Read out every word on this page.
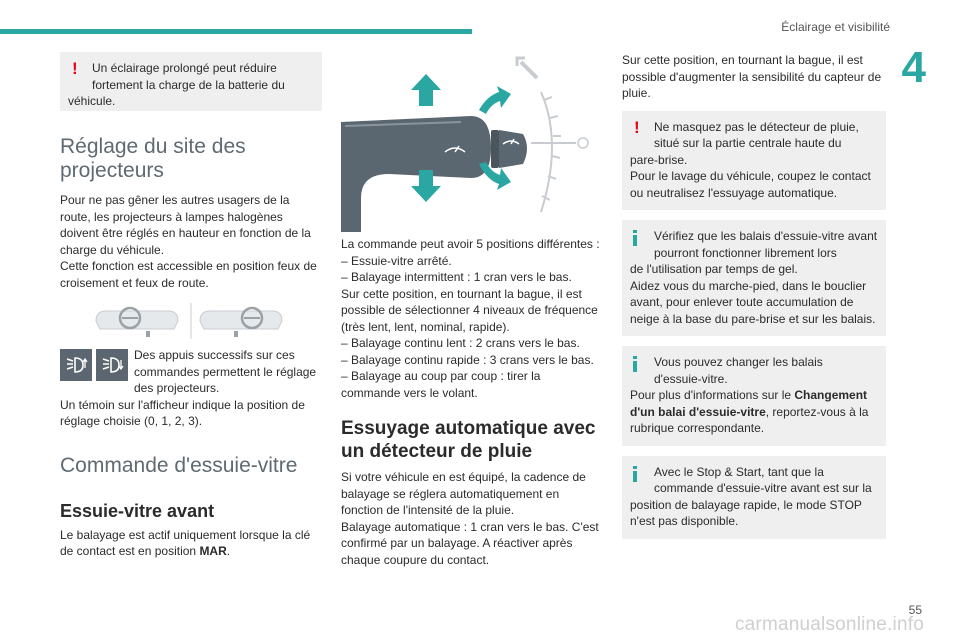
Éclairage et visibilité
4
!	Un éclairage prolongé peut réduire fortement la charge de la batterie du
véhicule.
Réglage du site des projecteurs

Pour ne pas gêner les autres usagers de la route, les projecteurs à lampes halogènes doivent être réglés en hauteur en fonction de la charge du véhicule.

Cette fonction est accessible en position feux de croisement et feux de route.

Des appuis successifs sur ces commandes permettent le réglage des projecteurs.

Un témoin sur l'afficheur indique la position de réglage choisie (0, 1, 2, 3).

Commande d'essuie-vitre
Essuie-vitre avant

Le balayage est actif uniquement lorsque la clé de contact est en position MAR.

La commande peut avoir 5 positions différentes :

– Essuie-vitre arrêté.

– Balayage intermittent : 1 cran vers le bas.

Sur cette position, en tournant la bague, il est possible de sélectionner 4 niveaux de fréquence (très lent, lent, nominal, rapide).

– Balayage continu lent : 2 crans vers le bas.

– Balayage continu rapide : 3 crans vers le bas.

– Balayage au coup par coup : tirer la commande vers le volant.

Essuyage automatique avec un détecteur de pluie

Si votre véhicule en est équipé, la cadence de balayage se réglera automatiquement en fonction de l'intensité de la pluie.

Balayage automatique : 1 cran vers le bas. C'est confirmé par un balayage. A réactiver après chaque coupure du contact.

Sur cette position, en tournant la bague, il est possible d'augmenter la sensibilité du capteur de pluie.

!	Ne masquez pas le détecteur de pluie, situé sur la partie centrale haute du
pare-brise.
Pour le lavage du véhicule, coupez le contact ou neutralisez l'essuyage automatique.
Vérifiez que les balais d'essuie-vitre avant pourront fonctionner librement lors
de l'utilisation par temps de gel.
Aidez vous du marche-pied, dans le bouclier avant, pour enlever toute accumulation de neige à la base du pare-brise et sur les balais.
Vous pouvez changer les balais
d'essuie-vitre.
Pour plus d'informations sur le Changement d'un balai d'essuie-vitre, reportez-vous à la rubrique correspondante.
Avec le Stop & Start, tant que la commande d'essuie-vitre avant est sur la
position de balayage rapide, le mode STOP n'est pas disponible.
55
carmanualsonline.info
